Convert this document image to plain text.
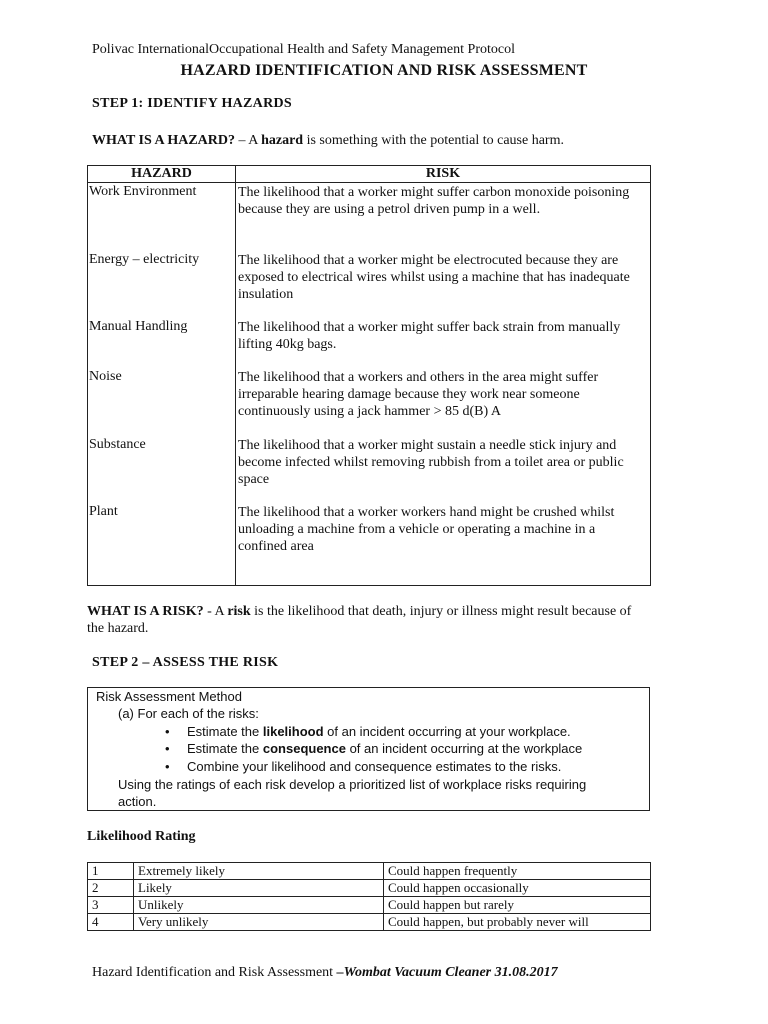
Polivac InternationalOccupational Health and Safety Management Protocol
HAZARD IDENTIFICATION AND RISK ASSESSMENT
STEP 1: IDENTIFY HAZARDS
WHAT IS A HAZARD? – A hazard is something with the potential to cause harm.
HAZARD	RISK

Work Environment	The likelihood that a worker might suffer carbon monoxide poisoning because they are using a petrol driven pump in a well.
Energy – electricity	The likelihood that a worker might be electrocuted because they are exposed to electrical wires whilst using a machine that has inadequate insulation
Manual Handling	The likelihood that a worker might suffer back strain from manually lifting 40kg bags.
Noise	The likelihood that a workers and others in the area might suffer irreparable hearing damage because they work near someone continuously using a jack hammer > 85 d(B) A
Substance	The likelihood that a worker might sustain a needle stick injury and become infected whilst removing rubbish from a toilet area or public space
Plant	The likelihood that a worker workers hand might be crushed whilst unloading a machine from a vehicle or operating a machine in a confined area
WHAT IS A RISK? - A risk is the likelihood that death, injury or illness might result because of the hazard.
STEP 2 – ASSESS THE RISK
Risk Assessment Method
(a) For each of the risks:
• Estimate the likelihood of an incident occurring at your workplace.
• Estimate the consequence of an incident occurring at the workplace
• Combine your likelihood and consequence estimates to the risks.
Using the ratings of each risk develop a prioritized list of workplace risks requiring
action.
Likelihood Rating
1	Extremely likely	Could happen frequently
2	Likely	Could happen occasionally
3	Unlikely	Could happen but rarely
4	Very unlikely	Could happen, but probably never will
Hazard Identification and Risk Assessment –Wombat Vacuum Cleaner 31.08.2017
